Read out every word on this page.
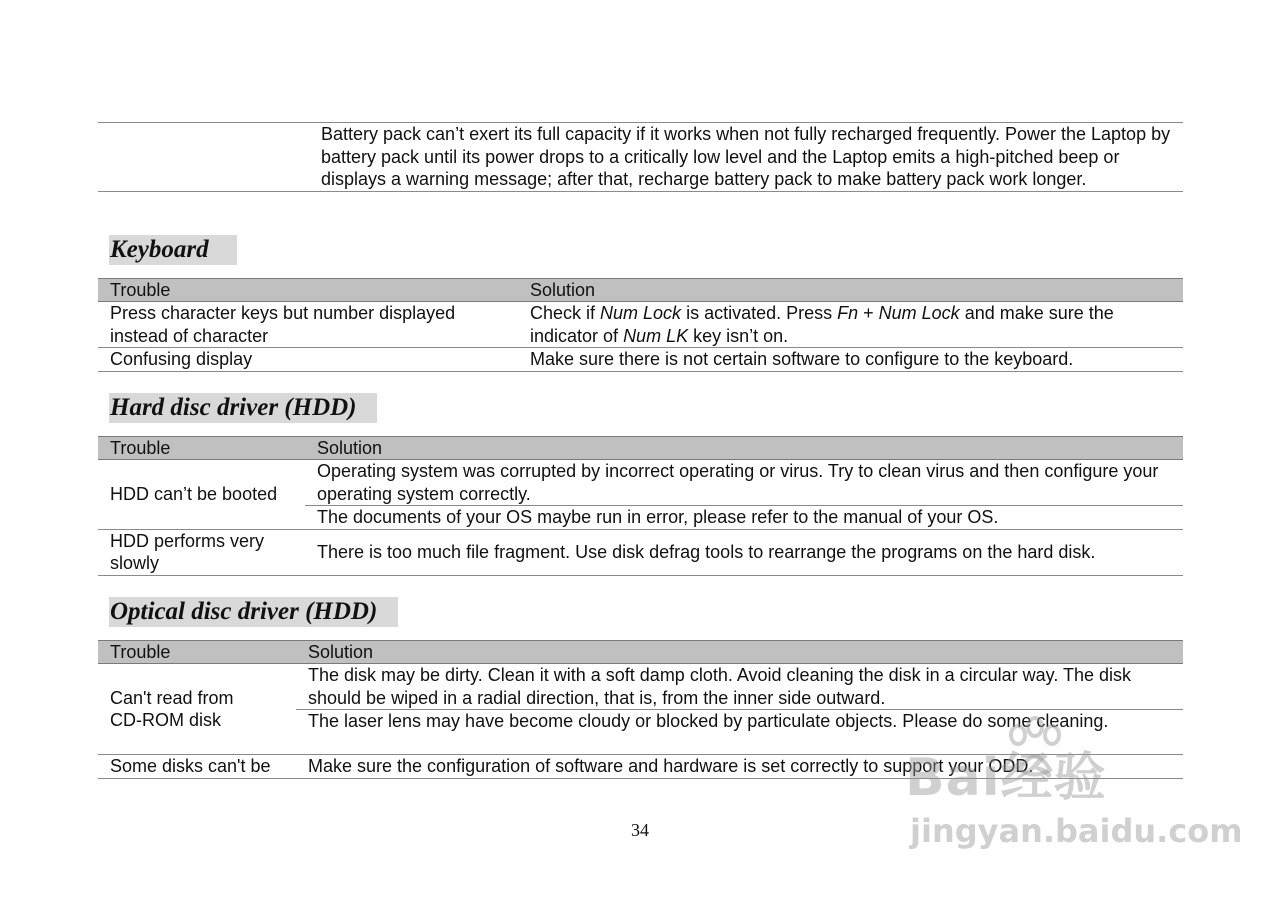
	Battery pack can’t exert its full capacity if it works when not fully recharged frequently. Power the Laptop by battery pack until its power drops to a critically low level and the Laptop emits a high-pitched beep or displays a warning message; after that, recharge battery pack to make battery pack work longer.
Keyboard
Trouble	Solution
Press character keys but number displayed instead of character	Check if Num Lock is activated. Press Fn + Num Lock and make sure the indicator of Num LK key isn’t on.
Confusing display	Make sure there is not certain software to configure to the keyboard.
Hard disc driver (HDD)
Trouble	Solution
HDD can’t be booted	Operating system was corrupted by incorrect operating or virus. Try to clean virus and then configure your operating system correctly.
	The documents of your OS maybe run in error, please refer to the manual of your OS.
HDD performs very slowly	There is too much file fragment. Use disk defrag tools to rearrange the programs on the hard disk.
Optical disc driver (HDD)
Trouble	Solution
Can't read from CD-ROM disk	The disk may be dirty. Clean it with a soft damp cloth. Avoid cleaning the disk in a circular way. The disk should be wiped in a radial direction, that is, from the inner side outward.
	The laser lens may have become cloudy or blocked by particulate objects. Please do some cleaning.
Some disks can't be	Make sure the configuration of software and hardware is set correctly to support your ODD.
34
Bai经验
jingyan.baidu.com
